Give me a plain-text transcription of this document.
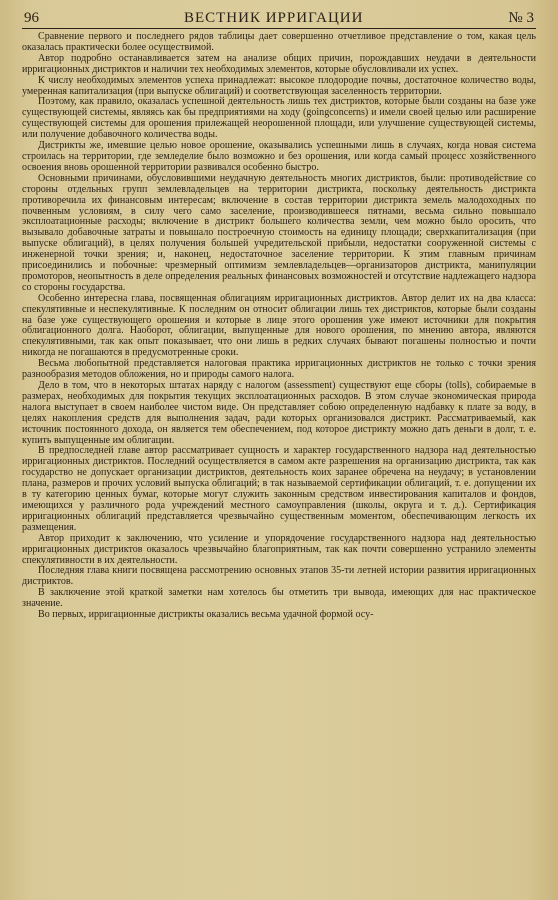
96	ВЕСТНИК ИРРИГАЦИИ	№ 3

Сравнение первого и последнего рядов таблицы дает совершенно отчетливое представление о том, какая цель оказалась практически более осуществимой.

Автор подробно останавливается затем на анализе общих причин, порождавших неудачи в деятельности ирригационных дистриктов и наличии тех необходимых элементов, которые обусловливали их успех.

К числу необходимых элементов успеха принадлежат: высокое плодородие почвы, достаточное количество воды, умеренная капитализация (при выпуске облигаций) и соответствующая заселенность территории.

Поэтому, как правило, оказалась успешной деятельность лишь тех дистриктов, которые были созданы на базе уже существующей системы, являясь как бы предприятиями на ходу (goingconcerns) и имели своей целью или расширение существующей системы для орошения прилежащей неорошенной площади, или улучшение существующей системы, или получение добавочного количества воды.

Дистрикты же, имевшие целью новое орошение, оказывались успешными лишь в случаях, когда новая система строилась на территории, где земледелие было возможно и без орошения, или когда самый процесс хозяйственного освоения вновь орошенной территории развивался особенно быстро.

Основными причинами, обусловившими неудачную деятельность многих дистриктов, были: противодействие со стороны отдельных групп землевладельцев на территории дистрикта, поскольку деятельность дистрикта противоречила их финансовым интересам; включение в состав территории дистрикта земель малодоходных по почвенным условиям, в силу чего само заселение, производившееся пятнами, весьма сильно повышало эксплоатационные расходы; включение в дистрикт большего количества земли, чем можно было оросить, что вызывало добавочные затраты и повышало построечную стоимость на единицу площади; сверхкапитализация (при выпуске облигаций), в целях получения большей учредительской прибыли, недостатки сооруженной системы с инженерной точки зрения; и, наконец, недостаточное заселение территории. К этим главным причинам присоединились и побочные: чрезмерный оптимизм землевладельцев—организаторов дистрикта, манипуляции промоторов, неопытность в деле определения реальных финансовых возможностей и отсутствие надлежащего надзора со стороны государства.

Особенно интересна глава, посвященная облигациям ирригационных дистриктов. Автор делит их на два класса: спекулятивные и неспекулятивные. К последним он относит облигации лишь тех дистриктов, которые были созданы на базе уже существующего орошения и которые в лице этого орошения уже имеют источники для покрытия облигационного долга. Наоборот, облигации, выпущенные для нового орошения, по мнению автора, являются спекулятивными, так как опыт показывает, что они лишь в редких случаях бывают погашены полностью и почти никогда не погашаются в предусмотренные сроки.

Весьма любопытной представляется налоговая практика ирригационных дистриктов не только с точки зрения разнообразия методов обложения, но и природы самого налога.

Дело в том, что в некоторых штатах наряду с налогом (assessment) существуют еще сборы (tolls), собираемые в размерах, необходимых для покрытия текущих эксплоатационных расходов. В этом случае экономическая природа налога выступает в своем наиболее чистом виде. Он представляет собою определенную надбавку к плате за воду, в целях накопления средств для выполнения задач, ради которых организовался дистрикт. Рассматриваемый, как источник постоянного дохода, он является тем обеспечением, под которое дистрикту можно дать деньги в долг, т. е. купить выпущенные им облигации.

В предпоследней главе автор рассматривает сущность и характер государственного надзора над деятельностью ирригационных дистриктов. Последний осуществляется в самом акте разрешения на организацию дистрикта, так как государство не допускает организации дистриктов, деятельность коих заранее обречена на неудачу; в установлении плана, размеров и прочих условий выпуска облигаций; в так называемой сертификации облигаций, т. е. допущении их в ту категорию ценных бумаг, которые могут служить законным средством инвестирования капиталов и фондов, имеющихся у различного рода учреждений местного самоуправления (школы, округа и т. д.). Сертификация ирригационных облигаций представляется чрезвычайно существенным моментом, обеспечивающим легкость их размещения.

Автор приходит к заключению, что усиление и упорядочение государственного надзора над деятельностью ирригационных дистриктов оказалось чрезвычайно благоприятным, так как почти совершенно устранило элементы спекулятивности в их деятельности.

Последняя глава книги посвящена рассмотрению основных этапов 35-ти летней истории развития ирригационных дистриктов.

В заключение этой краткой заметки нам хотелось бы отметить три вывода, имеющих для нас практическое значение.

Во первых, ирригационные дистрикты оказались весьма удачной формой осу-
